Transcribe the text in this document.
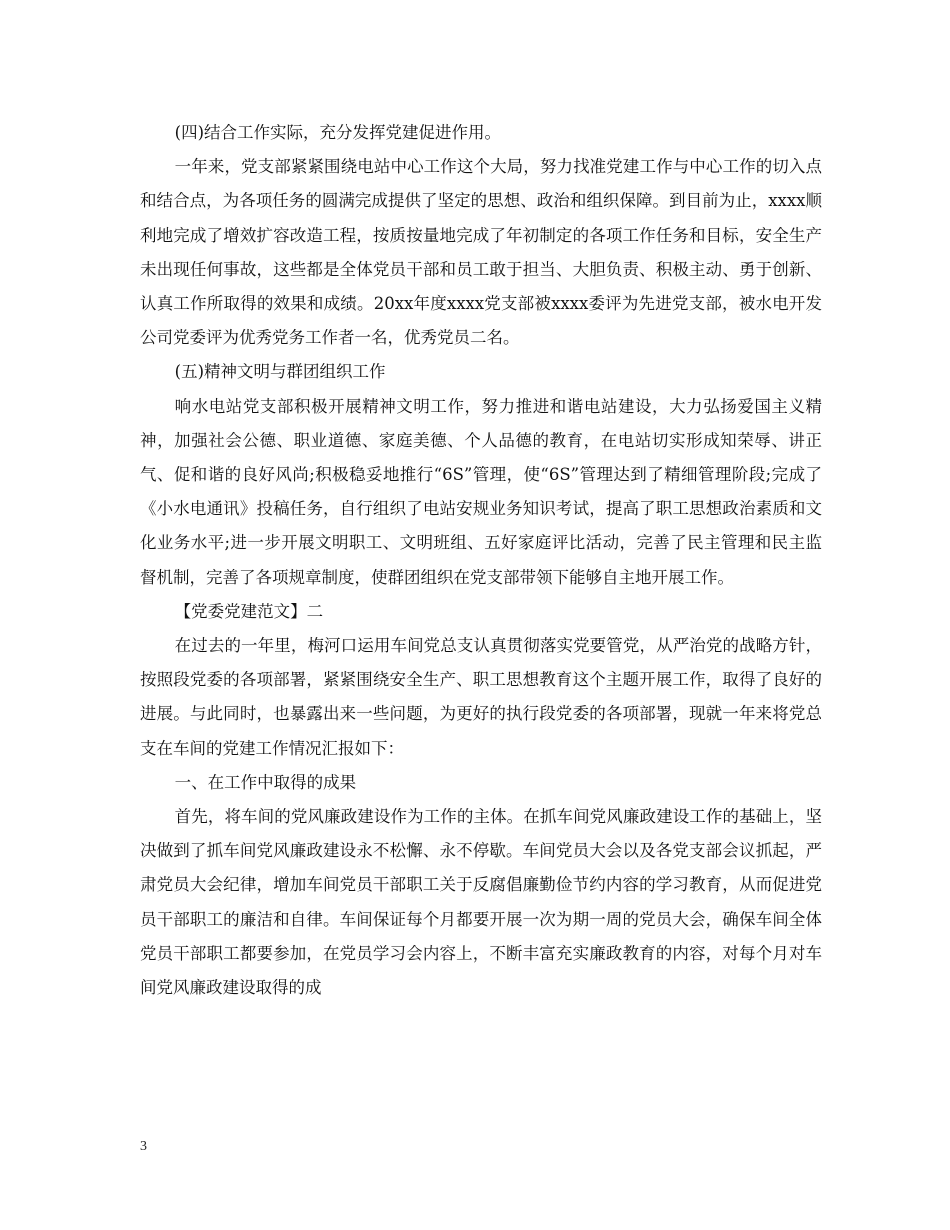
(四)结合工作实际，充分发挥党建促进作用。

一年来，党支部紧紧围绕电站中心工作这个大局，努力找准党建工作与中心工作的切入点和结合点，为各项任务的圆满完成提供了坚定的思想、政治和组织保障。到目前为止，xxxx顺利地完成了增效扩容改造工程，按质按量地完成了年初制定的各项工作任务和目标，安全生产未出现任何事故，这些都是全体党员干部和员工敢于担当、大胆负责、积极主动、勇于创新、认真工作所取得的效果和成绩。20xx年度xxxx党支部被xxxx委评为先进党支部，被水电开发公司党委评为优秀党务工作者一名，优秀党员二名。

(五)精神文明与群团组织工作

响水电站党支部积极开展精神文明工作，努力推进和谐电站建设，大力弘扬爱国主义精神，加强社会公德、职业道德、家庭美德、个人品德的教育，在电站切实形成知荣辱、讲正气、促和谐的良好风尚;积极稳妥地推行“6S”管理，使“6S”管理达到了精细管理阶段;完成了《小水电通讯》投稿任务，自行组织了电站安规业务知识考试，提高了职工思想政治素质和文化业务水平;进一步开展文明职工、文明班组、五好家庭评比活动，完善了民主管理和民主监督机制，完善了各项规章制度，使群团组织在党支部带领下能够自主地开展工作。

【党委党建范文】二

在过去的一年里，梅河口运用车间党总支认真贯彻落实党要管党，从严治党的战略方针，按照段党委的各项部署，紧紧围绕安全生产、职工思想教育这个主题开展工作，取得了良好的进展。与此同时，也暴露出来一些问题，为更好的执行段党委的各项部署，现就一年来将党总支在车间的党建工作情况汇报如下：

一、在工作中取得的成果

首先，将车间的党风廉政建设作为工作的主体。在抓车间党风廉政建设工作的基础上，坚决做到了抓车间党风廉政建设永不松懈、永不停歇。车间党员大会以及各党支部会议抓起，严肃党员大会纪律，增加车间党员干部职工关于反腐倡廉勤俭节约内容的学习教育，从而促进党员干部职工的廉洁和自律。车间保证每个月都要开展一次为期一周的党员大会，确保车间全体党员干部职工都要参加，在党员学习会内容上，不断丰富充实廉政教育的内容，对每个月对车间党风廉政建设取得的成

3
